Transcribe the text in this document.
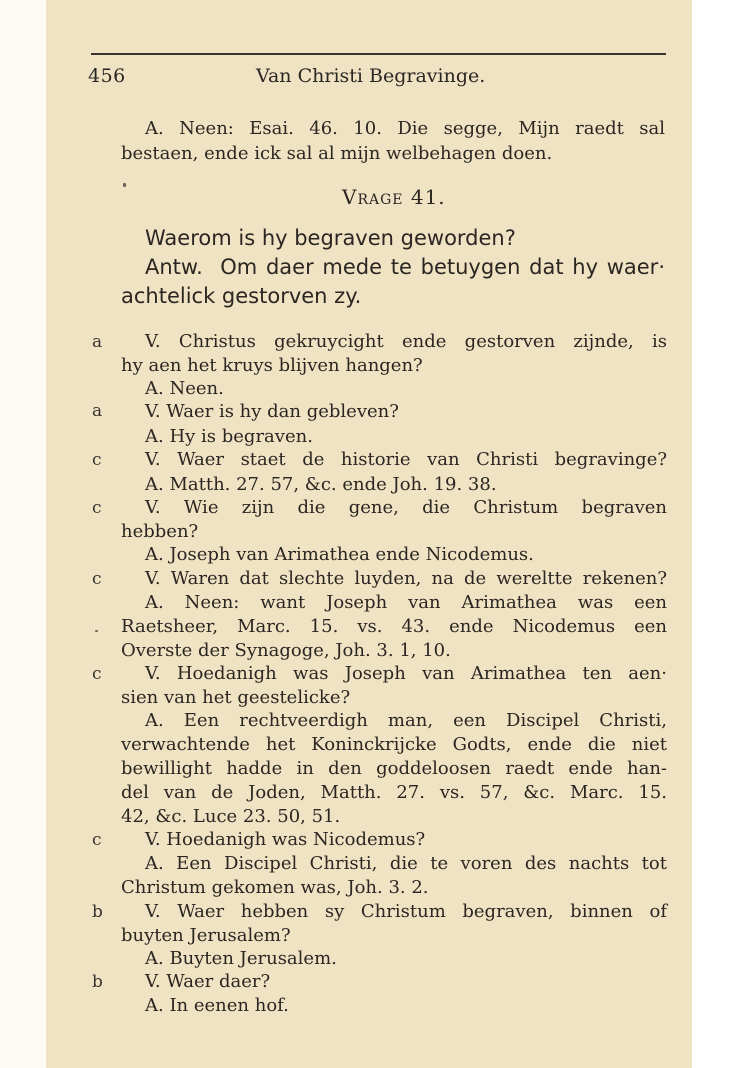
456	Van Christi Begravinge.
A. Neen: Esai. 46. 10. Die segge, Mijn raedt sal
bestaen, ende ick sal al mijn welbehagen doen.
Vrage 41.
Waerom is hy begraven geworden?
Antw.  Om daer mede te betuygen dat hy waer·
achtelick gestorven zy.
a
a
c
c
c
c
c
b
b
V. Christus gekruycight ende gestorven zijnde, is
hy aen het kruys blijven hangen?
A. Neen.
V. Waer is hy dan gebleven?
A. Hy is begraven.
V. Waer staet de historie van Christi begravinge?
A. Matth. 27. 57, &c. ende Joh. 19. 38.
V. Wie zijn die gene, die Christum begraven
hebben?
A. Joseph van Arimathea ende Nicodemus.
V. Waren dat slechte luyden, na de wereltte rekenen?
A. Neen: want Joseph van Arimathea was een
Raetsheer, Marc. 15. vs. 43. ende Nicodemus een
Overste der Synagoge, Joh. 3. 1, 10.
V. Hoedanigh was Joseph van Arimathea ten aen·
sien van het geestelicke?
A. Een rechtveerdigh man, een Discipel Christi,
verwachtende het Koninckrijcke Godts, ende die niet
bewillight hadde in den goddeloosen raedt ende han-
del van de Joden, Matth. 27. vs. 57, &c. Marc. 15.
42, &c. Luce 23. 50, 51.
V. Hoedanigh was Nicodemus?
A. Een Discipel Christi, die te voren des nachts tot
Christum gekomen was, Joh. 3. 2.
V. Waer hebben sy Christum begraven, binnen of
buyten Jerusalem?
A. Buyten Jerusalem.
V. Waer daer?
A. In eenen hof.
